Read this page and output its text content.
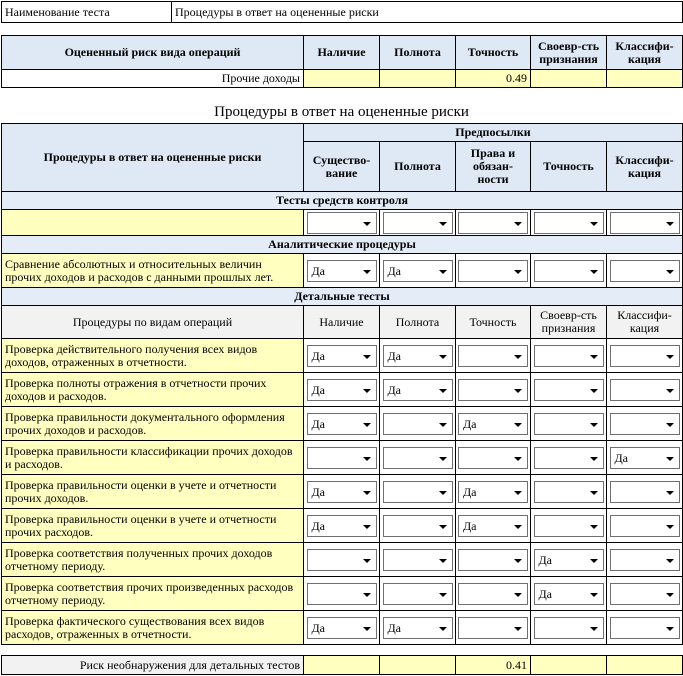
Наименование теста	Процедуры в ответ на оцененные риски
Оцененный риск вида операций	Наличие	Полнота	Точность	Своевр-сть признания	Классифи-кация
Прочие доходы			0.49		
Процедуры в ответ на оцененные риски
Процедуры в ответ на оцененные риски	Предпосылки				
	Существо-вание	Полнота	Права и обязан-ности	Точность	Классифи-кация
Тесты средств контроля					

Аналитические процедуры					
Сравнение абсолютных и относительных величин прочих доходов и расходов с данными прошлых лет.	Да	Да			

Детальные тесты					
Процедуры по видам операций	Наличие	Полнота	Точность	Своевр-сть признания	Классифи-кация
Проверка действительного получения всех видов доходов, отраженных в отчетности.	Да	Да			

Проверка полноты отражения в отчетности прочих доходов и расходов.	Да	Да			

Проверка правильности документального оформления прочих доходов и расходов.	Да		Да		

Проверка правильности классификации прочих доходов и расходов.					Да

Проверка правильности оценки в учете и отчетности прочих доходов.	Да		Да		

Проверка правильности оценки в учете и отчетности прочих расходов.	Да		Да		

Проверка соответствия полученных прочих доходов отчетному периоду.				Да	

Проверка соответствия прочих произведенных расходов отчетному периоду.				Да	

Проверка фактического существования всех видов расходов, отраженных в отчетности.	Да	Да			

Риск необнаружения для детальных тестов			0.41		
